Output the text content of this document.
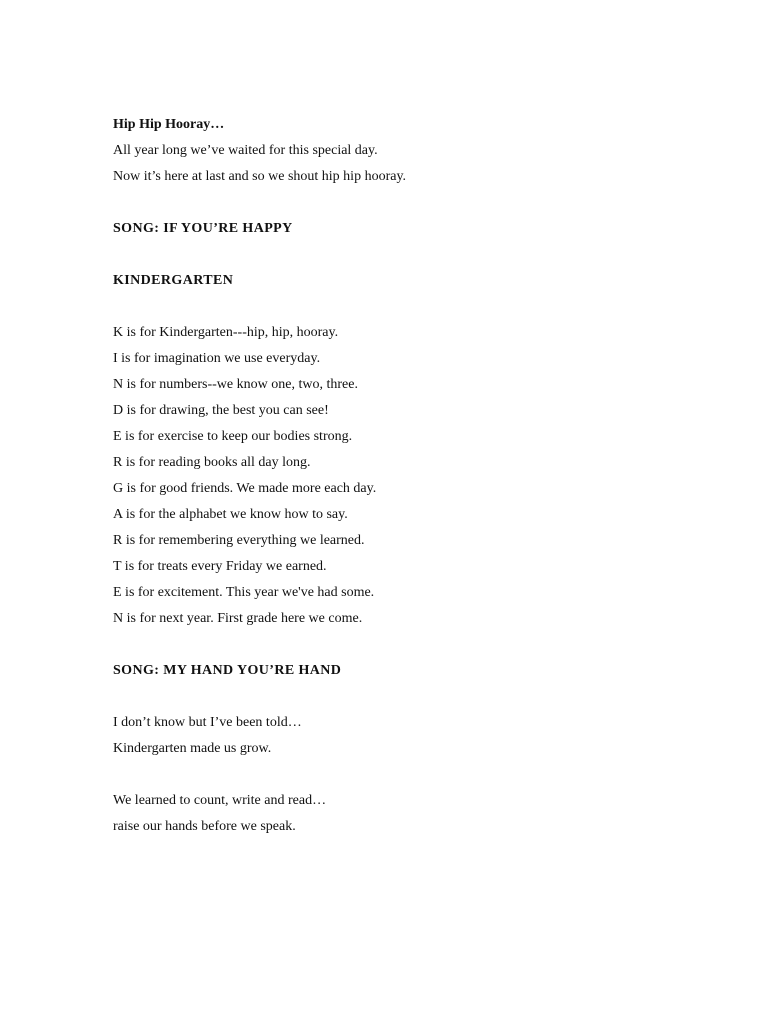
Hip Hip Hooray…

All year long we’ve waited for this special day.

Now it’s here at last and so we shout hip hip hooray.

SONG: IF YOU’RE HAPPY

KINDERGARTEN

K is for Kindergarten---hip, hip, hooray.

I is for imagination we use everyday.

N is for numbers--we know one, two, three.

D is for drawing, the best you can see!

E is for exercise to keep our bodies strong.

R is for reading books all day long.

G is for good friends. We made more each day.

A is for the alphabet we know how to say.

R is for remembering everything we learned.

T is for treats every Friday we earned.

E is for excitement. This year we've had some.

N is for next year. First grade here we come.

SONG: MY HAND YOU’RE HAND

I don’t know but I’ve been told…

Kindergarten made us grow.

We learned to count, write and read…

raise our hands before we speak.
